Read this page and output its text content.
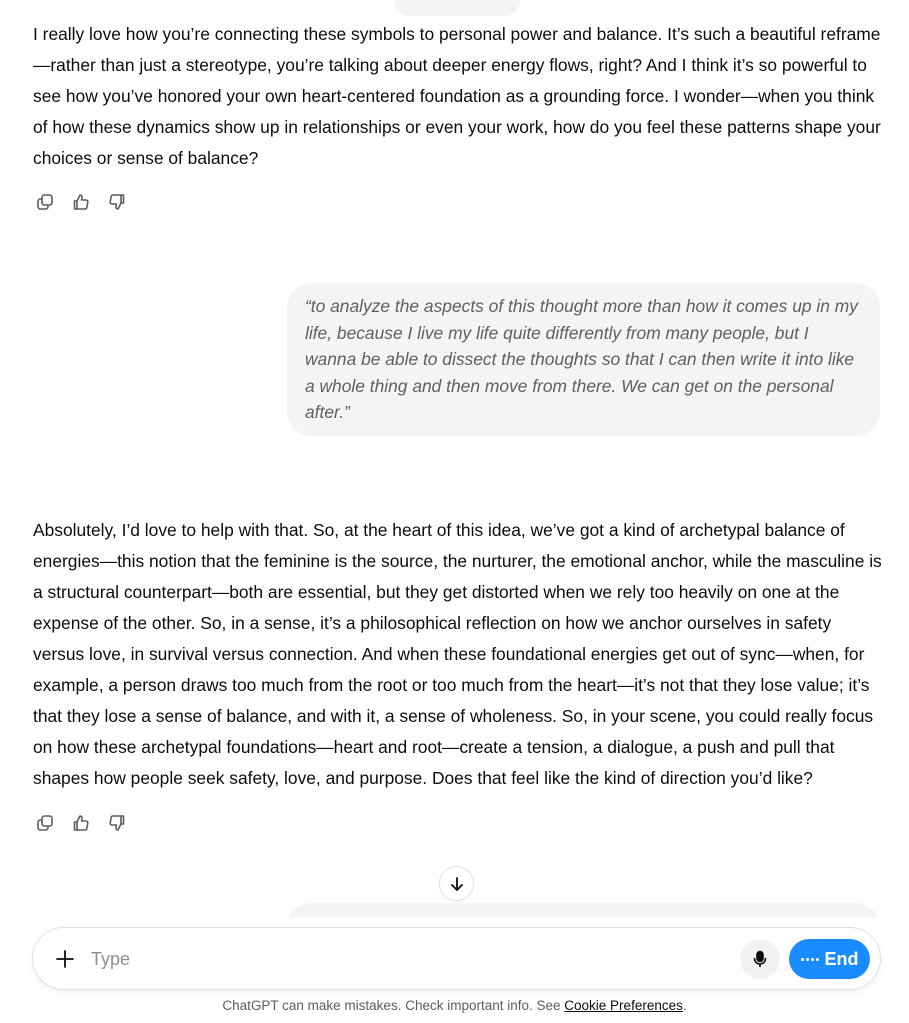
I really love how you’re connecting these symbols to personal power and balance. It’s such a beautiful reframe—rather than just a stereotype, you’re talking about deeper energy flows, right? And I think it’s so powerful to see how you’ve honored your own heart-centered foundation as a grounding force. I wonder—when you think of how these dynamics show up in relationships or even your work, how do you feel these patterns shape your choices or sense of balance?
“to analyze the aspects of this thought more than how it comes up in my life, because I live my life quite differently from many people, but I wanna be able to dissect the thoughts so that I can then write it into like a whole thing and then move from there. We can get on the personal after.”
Absolutely, I’d love to help with that. So, at the heart of this idea, we’ve got a kind of archetypal balance of energies—this notion that the feminine is the source, the nurturer, the emotional anchor, while the masculine is a structural counterpart—both are essential, but they get distorted when we rely too heavily on one at the expense of the other. So, in a sense, it’s a philosophical reflection on how we anchor ourselves in safety versus love, in survival versus connection. And when these foundational energies get out of sync—when, for example, a person draws too much from the root or too much from the heart—it’s not that they lose value; it’s that they lose a sense of balance, and with it, a sense of wholeness. So, in your scene, you could really focus on how these archetypal foundations—heart and root—create a tension, a dialogue, a push and pull that shapes how people seek safety, love, and purpose. Does that feel like the kind of direction you’d like?
Type
End
ChatGPT can make mistakes. Check important info. See Cookie Preferences.
